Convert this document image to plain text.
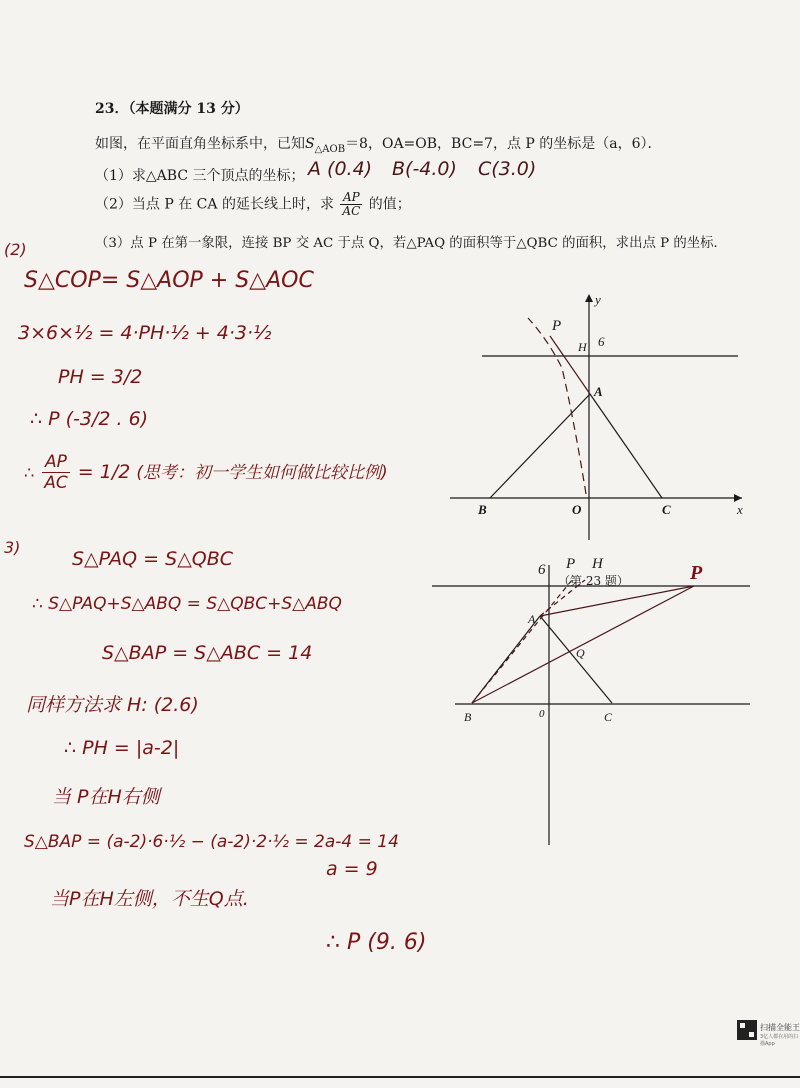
23．（本题满分 13 分）
如图，在平面直角坐标系中，已知$S_{\triangle AOB}=8$，OA=OB，BC=7，点 P 的坐标是（a，6）．
（1）求△ABC 三个顶点的坐标；
（2）当点 P 在 CA 的延长线上时，求 $\frac{AP}{AC}$ 的值；
（3）点 P 在第一象限，连接 BP 交 AC 于点 Q，若△PAQ 的面积等于△QBC 的面积，求出点 P 的坐标．
A (0.4) B(-4.0) C(3.0)
(2)
S△COP= S△AOP + S△AOC
3×6×½ = 4·PH·½ + 4·3·½
PH = 3/2
∴ P (-3/2 . 6)
∴ $\frac{AP}{AC} = 1/2$ (思考：初一学生如何做比较比例)
3)
S△PAQ = S△QBC
∴ S△PAQ+S△ABQ = S△QBC+S△ABQ
S△BAP = S△ABC = 14
同样方法求 H: (2.6)
∴ PH = |a-2|
当 P在H右侧
S△BAP = (a-2)·6·½ − (a-2)·2·½ = 2a-4 = 14
a = 9
当P在H左侧，不生Q点.
∴ P (9. 6)
y
x
6
H
A
B	O	C
P
6 P H
（第 23 题）
A
Q
B	0	C
P
扫描全能王
3亿人都在用的扫描App
